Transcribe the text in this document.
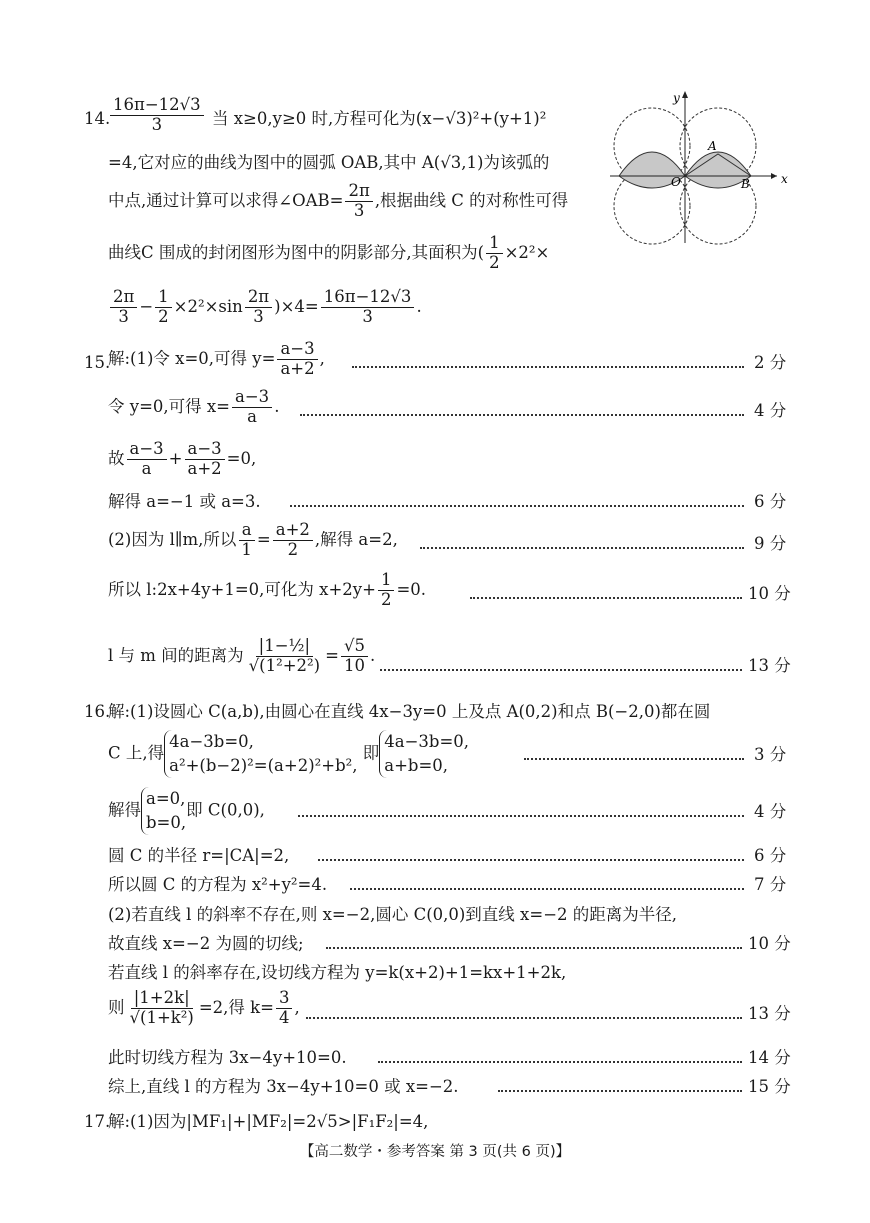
14. $\frac{16\pi-12√3}{3}$ 当 x≥0,y≥0 时,方程可化为(x−√3)²+(y+1)²
=4,它对应的曲线为图中的圆弧 OAB,其中 A(√3,1)为该弧的
中点,通过计算可以求得∠OAB= $\frac{2\pi}{3}$ ,根据曲线 C 的对称性可得
曲线C 围成的封闭图形为图中的阴影部分,其面积为( $\frac{1}{2} \times 2^2\times$
$\frac{2\pi}{3} - \frac{1}{2} \times 2^2\times\sin \frac{2\pi}{3} )\times 4= \frac{16\pi-12√3}{3}$ .
y
x
A
O	B
15.
解:(1)令 x=0,可得 $y= \frac{a-3}{a+2}$ ,	2 分
令 y=0,可得 $x= \frac{a-3}{a}$ .	4 分
故 $\frac{a-3}{a} + \frac{a-3}{a+2} =0$,
解得 a=−1 或 a=3.	6 分
(2)因为 l∥m,所以 $\frac{a}{1} = \frac{a+2}{2}$ ,解得 a=2,	9 分
所以 l:2x+4y+1=0,可化为 $x+2y+ \frac{1}{2} =0$.	10 分
l 与 m 间的距离为 $\frac{\text{|1−½|}}{\text{√(1²+2²)}} = \frac{√5}{10}$ .
13 分
16.
解:(1)设圆心 C(a,b),由圆心在直线 4x−3y=0 上及点 A(0,2)和点 B(−2,0)都在圆
C 上,得4a−3b=0,
a²+(b−2)²=(a+2)²+b², 即4a−3b=0,
a+b=0,
3 分
解得a=0,
b=0,即 C(0,0),	4 分
圆 C 的半径 r=|CA|=2,	6 分
所以圆 C 的方程为 x²+y²=4.	7 分
(2)若直线 l 的斜率不存在,则 x=−2,圆心 C(0,0)到直线 x=−2 的距离为半径,
故直线 x=−2 为圆的切线;	10 分
若直线 l 的斜率存在,设切线方程为 y=k(x+2)+1=kx+1+2k,
则 $\frac{|1+2k|}{\text{√(1+k²)}} =2$,得 $k= \frac{3}{4}$ ,	13 分
此时切线方程为 3x−4y+10=0.	14 分
综上,直线 l 的方程为 3x−4y+10=0 或 x=−2.	15 分
17.
解:(1)因为|MF₁|+|MF₂|=2√5>|F₁F₂|=4,
【高二数学・参考答案 第 3 页(共 6 页)】
